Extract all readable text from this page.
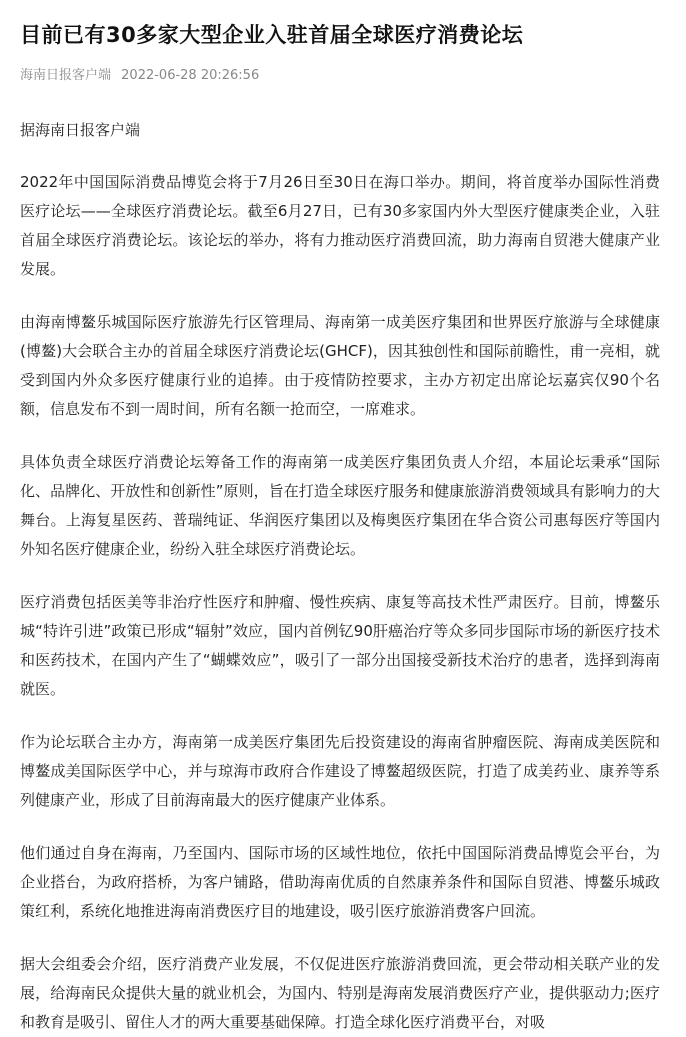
目前已有30多家大型企业入驻首届全球医疗消费论坛
海南日报客户端 2022-06-28 20:26:56
据海南日报客户端

2022年中国国际消费品博览会将于7月26日至30日在海口举办。期间，将首度举办国际性消费医疗论坛——全球医疗消费论坛。截至6月27日，已有30多家国内外大型医疗健康类企业，入驻首届全球医疗消费论坛。该论坛的举办，将有力推动医疗消费回流，助力海南自贸港大健康产业发展。

由海南博鳌乐城国际医疗旅游先行区管理局、海南第一成美医疗集团和世界医疗旅游与全球健康(博鳌)大会联合主办的首届全球医疗消费论坛(GHCF)，因其独创性和国际前瞻性，甫一亮相，就受到国内外众多医疗健康行业的追捧。由于疫情防控要求，主办方初定出席论坛嘉宾仅90个名额，信息发布不到一周时间，所有名额一抢而空，一席难求。

具体负责全球医疗消费论坛筹备工作的海南第一成美医疗集团负责人介绍，本届论坛秉承“国际化、品牌化、开放性和创新性”原则，旨在打造全球医疗服务和健康旅游消费领域具有影响力的大舞台。上海复星医药、普瑞纯证、华润医疗集团以及梅奥医疗集团在华合资公司惠每医疗等国内外知名医疗健康企业，纷纷入驻全球医疗消费论坛。

医疗消费包括医美等非治疗性医疗和肿瘤、慢性疾病、康复等高技术性严肃医疗。目前，博鳌乐城“特许引进”政策已形成“辐射”效应，国内首例钇90肝癌治疗等众多同步国际市场的新医疗技术和医药技术，在国内产生了“蝴蝶效应”，吸引了一部分出国接受新技术治疗的患者，选择到海南就医。

作为论坛联合主办方，海南第一成美医疗集团先后投资建设的海南省肿瘤医院、海南成美医院和博鳌成美国际医学中心，并与琼海市政府合作建设了博鳌超级医院，打造了成美药业、康养等系列健康产业，形成了目前海南最大的医疗健康产业体系。

他们通过自身在海南，乃至国内、国际市场的区域性地位，依托中国国际消费品博览会平台，为企业搭台，为政府搭桥，为客户铺路，借助海南优质的自然康养条件和国际自贸港、博鳌乐城政策红利，系统化地推进海南消费医疗目的地建设，吸引医疗旅游消费客户回流。

据大会组委会介绍，医疗消费产业发展，不仅促进医疗旅游消费回流，更会带动相关联产业的发展，给海南民众提供大量的就业机会，为国内、特别是海南发展消费医疗产业，提供驱动力;医疗和教育是吸引、留住人才的两大重要基础保障。打造全球化医疗消费平台，对吸
